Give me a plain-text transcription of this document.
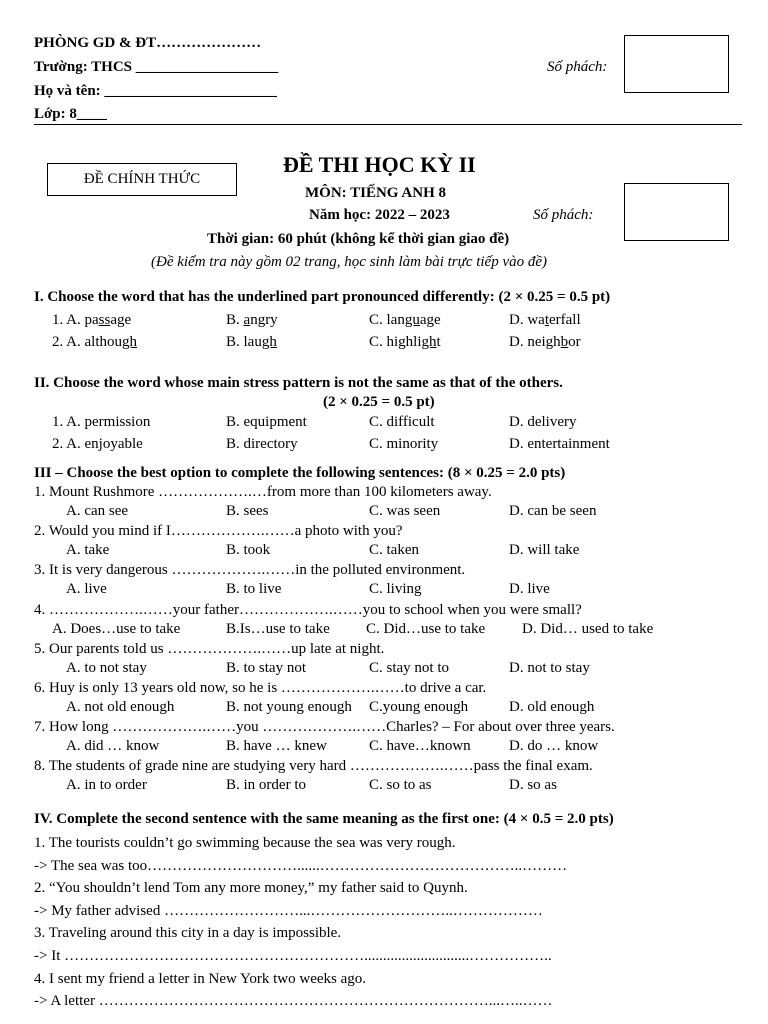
PHÒNG GD & ĐT…………………
Trường: THCS ___________________
Họ và tên: _______________________
Lớp: 8____
Số phách:
ĐỀ CHÍNH THỨC
ĐỀ THI HỌC KỲ II
MÔN: TIẾNG ANH 8
Năm học: 2022 – 2023	Số phách:
Thời gian: 60 phút (không kể thời gian giao đề)
(Đề kiểm tra này gồm 02 trang, học sinh làm bài trực tiếp vào đề)
I. Choose the word that has the underlined part pronounced differently: (2 × 0.25 = 0.5 pt)
1. A. passage	B. angry	C. language	D. waterfall
2. A. although	B. laugh	C. highlight	D. neighbor
II. Choose the word whose main stress pattern is not the same as that of the others.
(2 × 0.25 = 0.5 pt)
1. A. permission	B. equipment	C. difficult	D. delivery
2. A. enjoyable	B. directory	C. minority	D. entertainment
III – Choose the best option to complete the following sentences: (8 × 0.25 = 2.0 pts)
1. Mount Rushmore ……………….…from more than 100 kilometers away.
A. can see	B. sees	C. was seen	D. can be seen
2. Would you mind if I……………….……a photo with you?
A. take	B. took	C. taken	D. will take
3. It is very dangerous ……………….……in the polluted environment.
A. live	B. to live	C. living	D. live
4. ……………….……your father……………….……you to school when you were small?
A. Does…use to take	B.Is…use to take C. Did…use to take D. Did… used to take
5. Our parents told us ……………….……up late at night.
A. to not stay	B. to stay not	C. stay not to	D. not to stay
6. Huy is only 13 years old now, so he is ……………….……to drive a car.
A. not old enough	B. not young enough C.young enough	D. old enough
7. How long ……………….……you ……………….……Charles? – For about over three years.
A. did … know	B. have … knew	C. have…known	D. do … know
8. The students of grade nine are studying very hard ……………….……pass the final exam.
A. in to order	B. in order to	C. so to as	D. so as
IV. Complete the second sentence with the same meaning as the first one: (4 × 0.5 = 2.0 pts)
1. The tourists couldn’t go swimming because the sea was very rough.
-> The sea was too…………………………......…………………………………..………
2. “You shouldn’t lend Tom any more money,” my father said to Quynh.
-> My father advised ………………………...………………………..………………
3. Traveling around this city in a day is impossible.
-> It ……………………………………………………............................……………..
4. I sent my friend a letter in New York two weeks ago.
-> A letter ……………………………………………………………………...…..……
